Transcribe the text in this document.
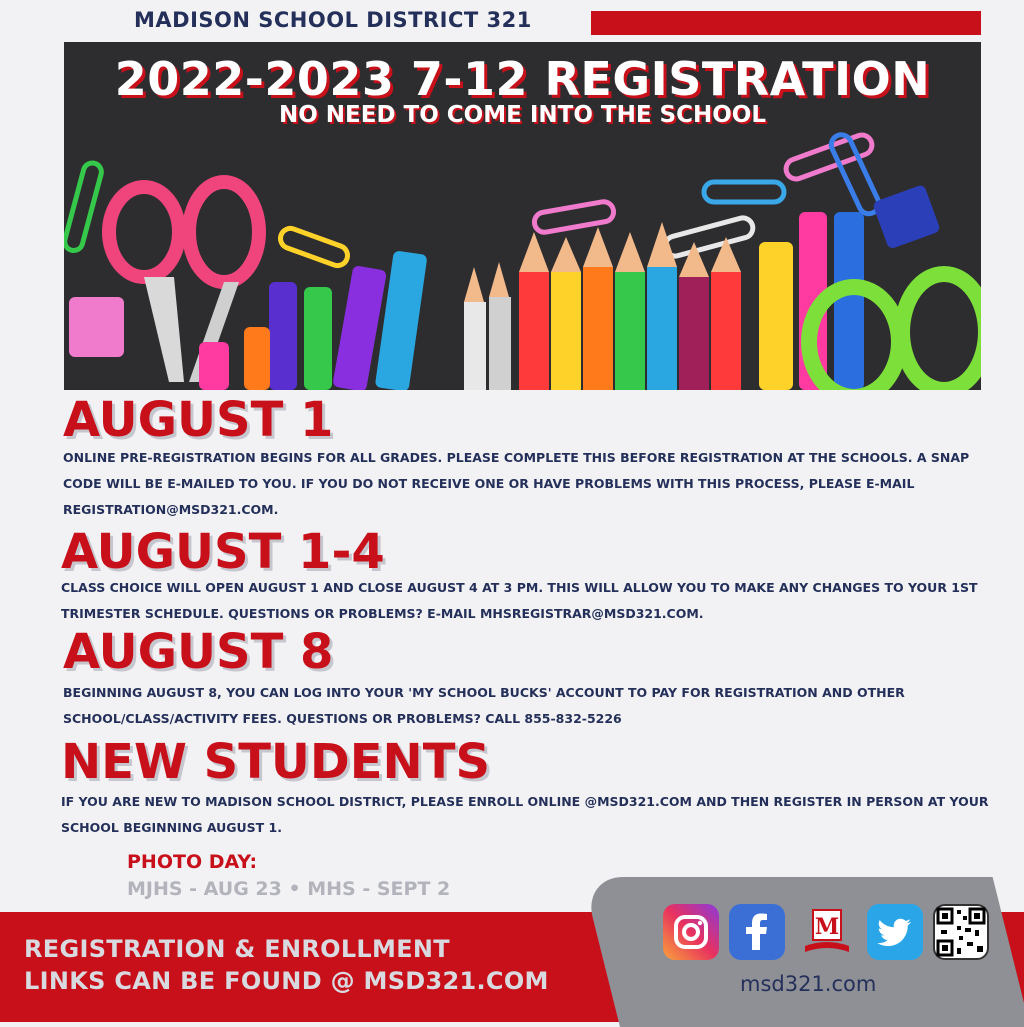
MADISON SCHOOL DISTRICT 321
2022-2023 7-12 REGISTRATION
NO NEED TO COME INTO THE SCHOOL
AUGUST 1
ONLINE PRE-REGISTRATION BEGINS FOR ALL GRADES. PLEASE COMPLETE THIS BEFORE REGISTRATION AT THE SCHOOLS. A SNAP CODE WILL BE E-MAILED TO YOU. IF YOU DO NOT RECEIVE ONE OR HAVE PROBLEMS WITH THIS PROCESS, PLEASE E-MAIL REGISTRATION@MSD321.COM.
AUGUST 1-4
CLASS CHOICE WILL OPEN AUGUST 1 AND CLOSE AUGUST 4 AT 3 PM. THIS WILL ALLOW YOU TO MAKE ANY CHANGES TO YOUR 1ST TRIMESTER SCHEDULE. QUESTIONS OR PROBLEMS? E-MAIL MHSREGISTRAR@MSD321.COM.
AUGUST 8
BEGINNING AUGUST 8, YOU CAN LOG INTO YOUR 'MY SCHOOL BUCKS' ACCOUNT TO PAY FOR REGISTRATION AND OTHER SCHOOL/CLASS/ACTIVITY FEES. QUESTIONS OR PROBLEMS? CALL 855-832-5226
NEW STUDENTS
IF YOU ARE NEW TO MADISON SCHOOL DISTRICT, PLEASE ENROLL ONLINE @MSD321.COM AND THEN REGISTER IN PERSON AT YOUR SCHOOL BEGINNING AUGUST 1.
PHOTO DAY:
MJHS - AUG 23 • MHS - SEPT 2
REGISTRATION & ENROLLMENT
LINKS CAN BE FOUND @ MSD321.COM
M
msd321.com
